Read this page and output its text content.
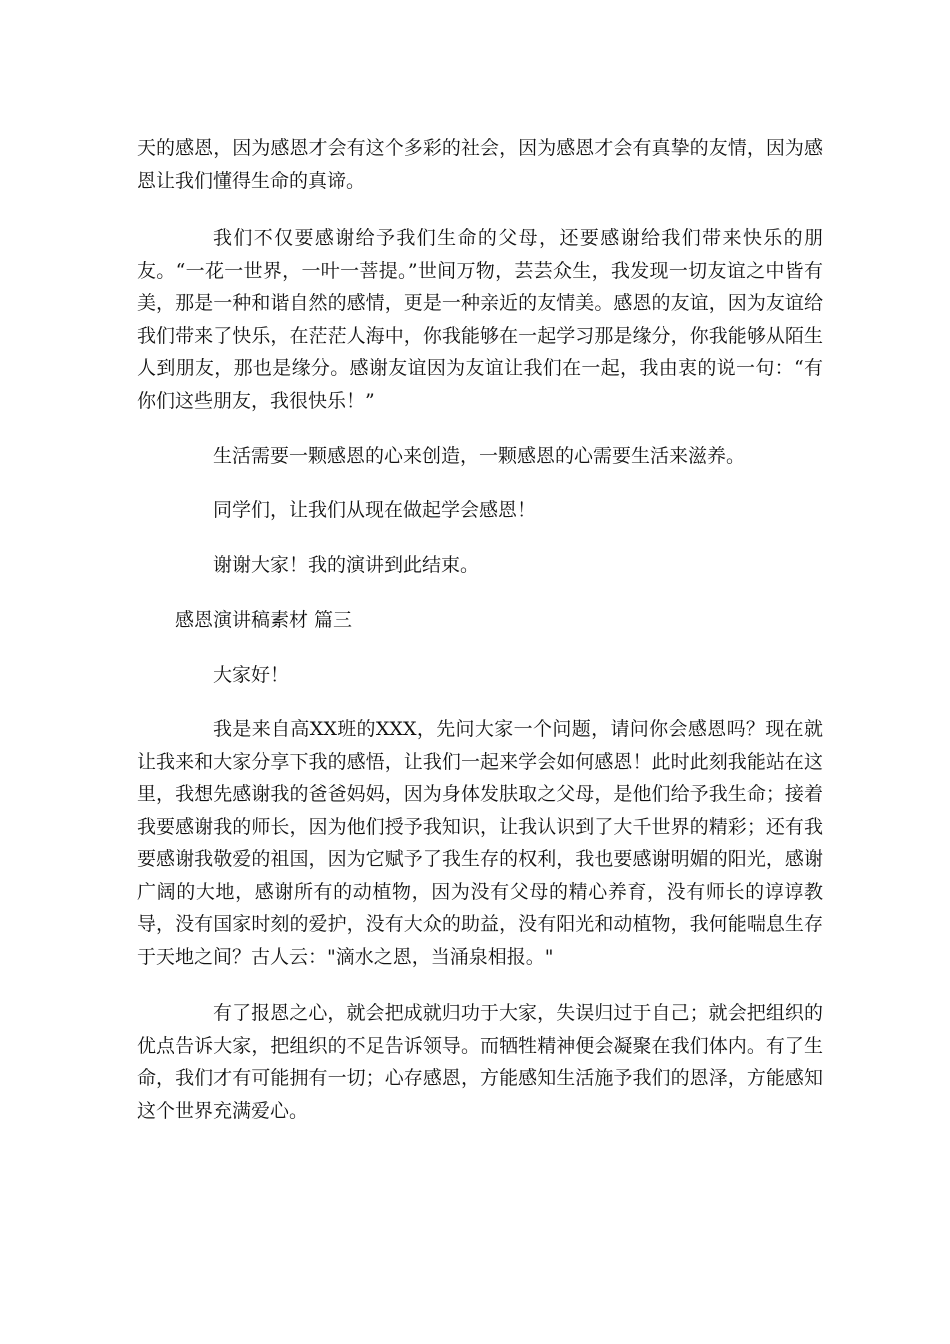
天的感恩，因为感恩才会有这个多彩的社会，因为感恩才会有真挚的友情，因为感恩让我们懂得生命的真谛。

我们不仅要感谢给予我们生命的父母，还要感谢给我们带来快乐的朋友。“一花一世界，一叶一菩提。”世间万物，芸芸众生，我发现一切友谊之中皆有美，那是一种和谐自然的感情，更是一种亲近的友情美。感恩的友谊，因为友谊给我们带来了快乐，在茫茫人海中，你我能够在一起学习那是缘分，你我能够从陌生人到朋友，那也是缘分。感谢友谊因为友谊让我们在一起，我由衷的说一句：“有你们这些朋友，我很快乐！”

生活需要一颗感恩的心来创造，一颗感恩的心需要生活来滋养。

同学们，让我们从现在做起学会感恩！

谢谢大家！我的演讲到此结束。

感恩演讲稿素材 篇三

大家好！

我是来自高XX班的XXX，先问大家一个问题，请问你会感恩吗？现在就让我来和大家分享下我的感悟，让我们一起来学会如何感恩！此时此刻我能站在这里，我想先感谢我的爸爸妈妈，因为身体发肤取之父母，是他们给予我生命；接着我要感谢我的师长，因为他们授予我知识，让我认识到了大千世界的精彩；还有我要感谢我敬爱的祖国，因为它赋予了我生存的权利，我也要感谢明媚的阳光，感谢广阔的大地，感谢所有的动植物，因为没有父母的精心养育，没有师长的谆谆教导，没有国家时刻的爱护，没有大众的助益，没有阳光和动植物，我何能喘息生存于天地之间？古人云："滴水之恩，当涌泉相报。"

有了报恩之心，就会把成就归功于大家，失误归过于自己；就会把组织的优点告诉大家，把组织的不足告诉领导。而牺牲精神便会凝聚在我们体内。有了生命，我们才有可能拥有一切；心存感恩，方能感知生活施予我们的恩泽，方能感知这个世界充满爱心。
